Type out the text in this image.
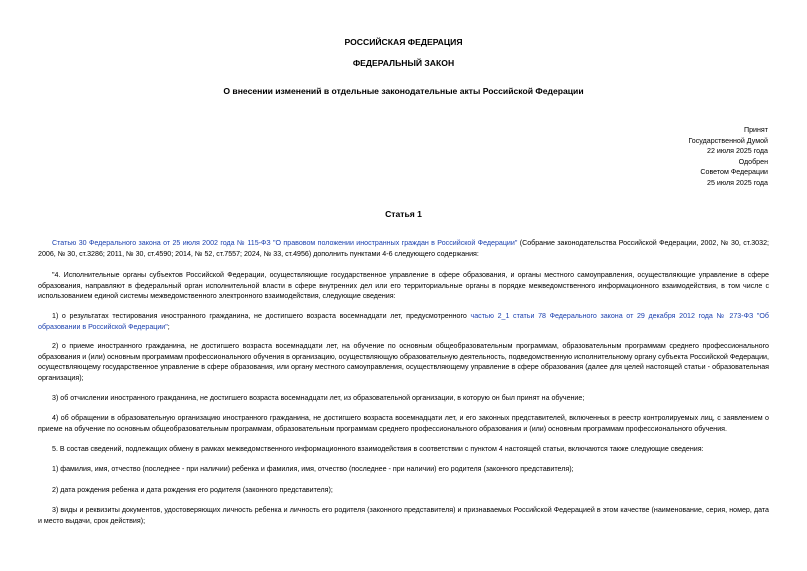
РОССИЙСКАЯ ФЕДЕРАЦИЯ
ФЕДЕРАЛЬНЫЙ ЗАКОН
О внесении изменений в отдельные законодательные акты Российской Федерации
Принят
Государственной Думой
22 июля 2025 года
Одобрен
Советом Федерации
25 июля 2025 года
Статья 1
Статью 30 Федерального закона от 25 июля 2002 года № 115-ФЗ "О правовом положении иностранных граждан в Российской Федерации" (Собрание законодательства Российской Федерации, 2002, № 30, ст.3032; 2006, № 30, ст.3286; 2011, № 30, ст.4590; 2014, № 52, ст.7557; 2024, № 33, ст.4956) дополнить пунктами 4-6 следующего содержания:
"4. Исполнительные органы субъектов Российской Федерации, осуществляющие государственное управление в сфере образования, и органы местного самоуправления, осуществляющие управление в сфере образования, направляют в федеральный орган исполнительной власти в сфере внутренних дел или его территориальные органы в порядке межведомственного информационного взаимодействия, в том числе с использованием единой системы межведомственного электронного взаимодействия, следующие сведения:
1) о результатах тестирования иностранного гражданина, не достигшего возраста восемнадцати лет, предусмотренного частью 2_1 статьи 78 Федерального закона от 29 декабря 2012 года № 273-ФЗ "Об образовании в Российской Федерации";
2) о приеме иностранного гражданина, не достигшего возраста восемнадцати лет, на обучение по основным общеобразовательным программам, образовательным программам среднего профессионального образования и (или) основным программам профессионального обучения в организацию, осуществляющую образовательную деятельность, подведомственную исполнительному органу субъекта Российской Федерации, осуществляющему государственное управление в сфере образования, или органу местного самоуправления, осуществляющему управление в сфере образования (далее для целей настоящей статьи - образовательная организация);
3) об отчислении иностранного гражданина, не достигшего возраста восемнадцати лет, из образовательной организации, в которую он был принят на обучение;
4) об обращении в образовательную организацию иностранного гражданина, не достигшего возраста восемнадцати лет, и его законных представителей, включенных в реестр контролируемых лиц, с заявлением о приеме на обучение по основным общеобразовательным программам, образовательным программам среднего профессионального образования и (или) основным программам профессионального обучения.
5. В состав сведений, подлежащих обмену в рамках межведомственного информационного взаимодействия в соответствии с пунктом 4 настоящей статьи, включаются также следующие сведения:
1) фамилия, имя, отчество (последнее - при наличии) ребенка и фамилия, имя, отчество (последнее - при наличии) его родителя (законного представителя);
2) дата рождения ребенка и дата рождения его родителя (законного представителя);
3) виды и реквизиты документов, удостоверяющих личность ребенка и личность его родителя (законного представителя) и признаваемых Российской Федерацией в этом качестве (наименование, серия, номер, дата и место выдачи, срок действия);
